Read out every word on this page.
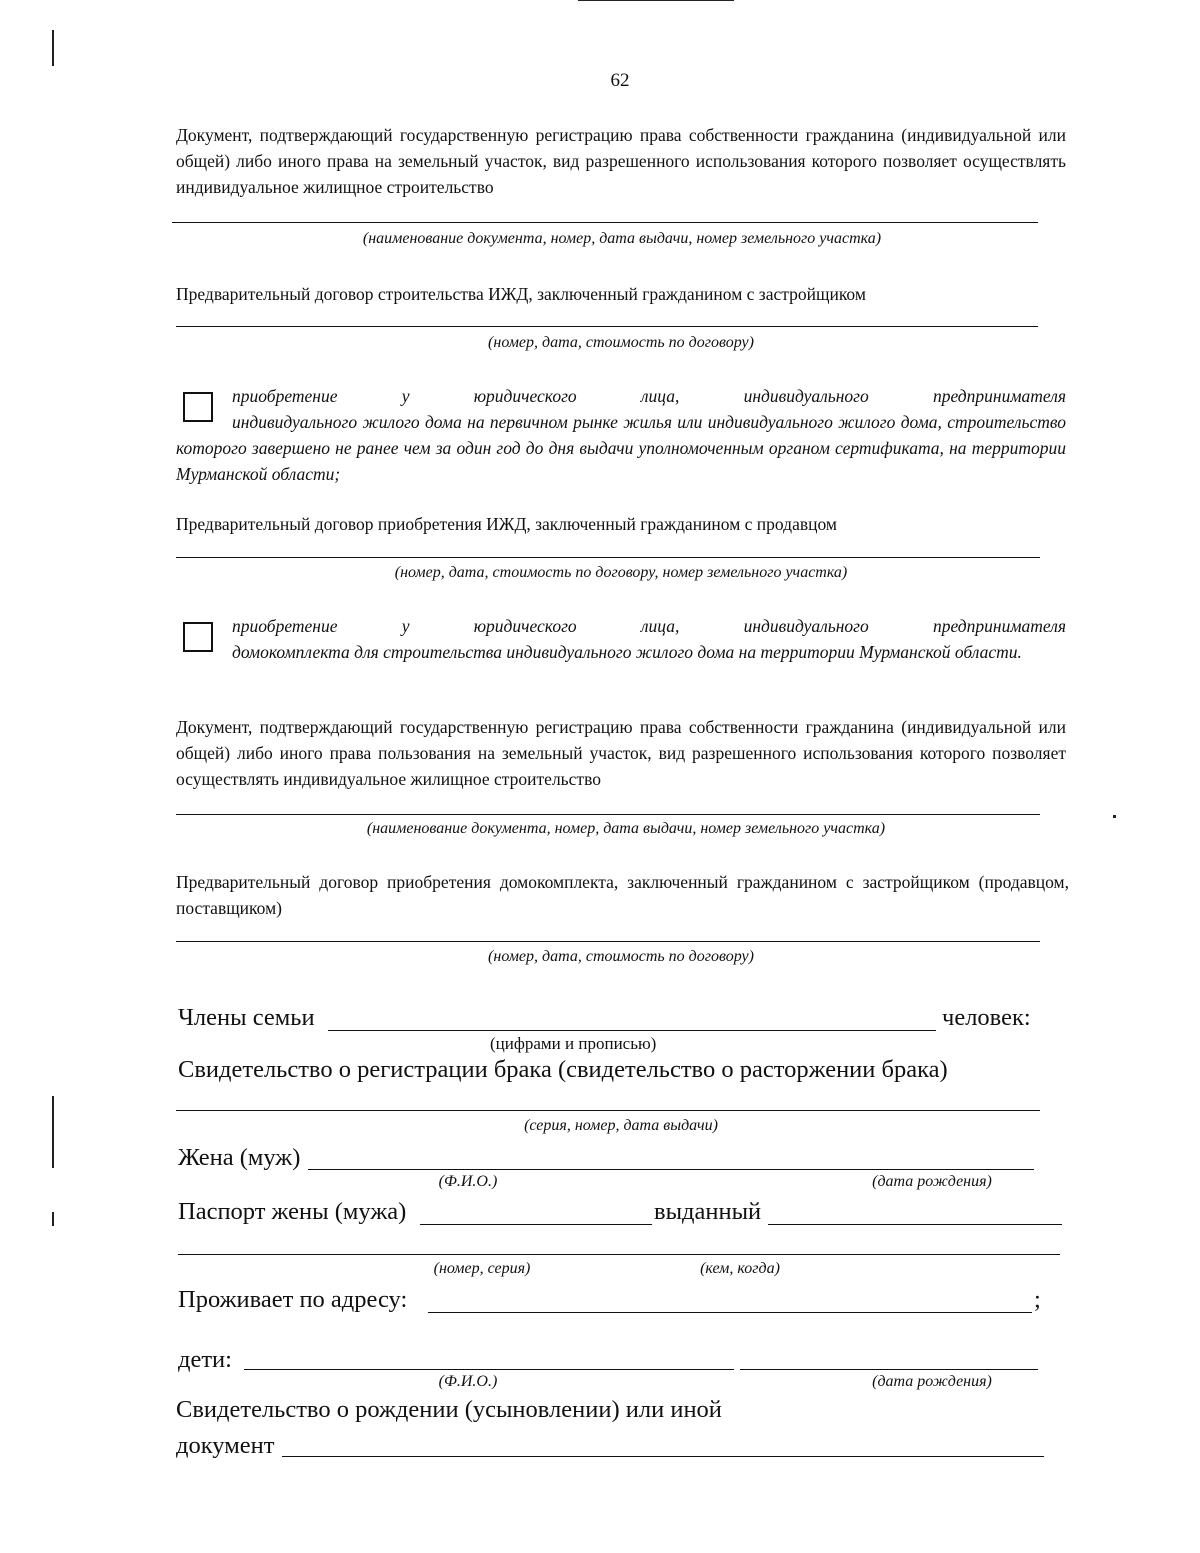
62
Документ, подтверждающий государственную регистрацию права собственности гражданина (индивидуальной или общей) либо иного права на земельный участок, вид разрешенного использования которого позволяет осуществлять индивидуальное жилищное строительство
(наименование документа, номер, дата выдачи, номер земельного участка)
Предварительный договор строительства ИЖД, заключенный гражданином с застройщиком
(номер, дата, стоимость по договору)
приобретение у юридического лица, индивидуального предпринимателя
индивидуального жилого дома на первичном рынке жилья или индивидуального жилого дома, строительство которого завершено не ранее чем за один год до дня выдачи уполномоченным органом сертификата, на территории Мурманской области;
Предварительный договор приобретения ИЖД, заключенный гражданином с продавцом
(номер, дата, стоимость по договору, номер земельного участка)
приобретение у юридического лица, индивидуального предпринимателя
домокомплекта для строительства индивидуального жилого дома на территории Мурманской области.
Документ, подтверждающий государственную регистрацию права собственности гражданина (индивидуальной или общей) либо иного права пользования на земельный участок, вид разрешенного использования которого позволяет осуществлять индивидуальное жилищное строительство
(наименование документа, номер, дата выдачи, номер земельного участка)
Предварительный договор приобретения домокомплекта, заключенный гражданином с застройщиком (продавцом, поставщиком)
(номер, дата, стоимость по договору)
Члены семьи	человек:
(цифрами и прописью)
Свидетельство о регистрации брака (свидетельство о расторжении брака)
(серия, номер, дата выдачи)
Жена (муж)
(Ф.И.О.)	(дата рождения)
Паспорт жены (мужа)	выданный
(номер, серия)	(кем, когда)
Проживает по адресу:	;
дети:
(Ф.И.О.)	(дата рождения)
Свидетельство о рождении (усыновлении) или иной
документ
